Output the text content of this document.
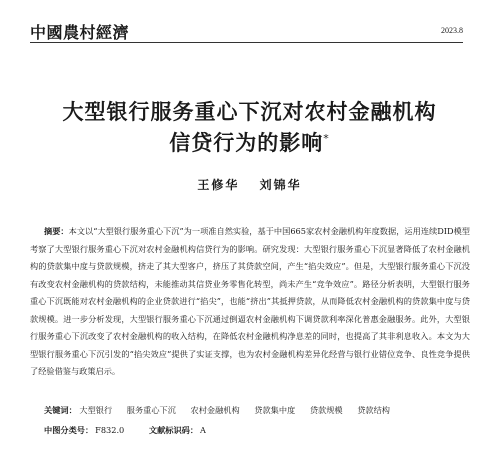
中國農村經濟	2023.8
大型银行服务重心下沉对农村金融机构
信贷行为的影响*
王修华 刘锦华

摘要：本文以“大型银行服务重心下沉”为一项准自然实验，基于中国665家农村金融机构年度数据，运用连续DID模型考察了大型银行服务重心下沉对农村金融机构信贷行为的影响。研究发现：大型银行服务重心下沉显著降低了农村金融机构的贷款集中度与贷款规模，挤走了其大型客户，挤压了其贷款空间，产生“掐尖效应”。但是，大型银行服务重心下沉没有改变农村金融机构的贷款结构，未能推动其信贷业务零售化转型，尚未产生“竞争效应”。路径分析表明，大型银行服务重心下沉既能对农村金融机构的企业贷款进行“掐尖”，也能“挤出”其抵押贷款，从而降低农村金融机构的贷款集中度与贷款规模。进一步分析发现，大型银行服务重心下沉通过倒逼农村金融机构下调贷款利率深化普惠金融服务。此外，大型银行服务重心下沉改变了农村金融机构的收入结构，在降低农村金融机构净息差的同时，也提高了其非利息收入。本文为大型银行服务重心下沉引发的“掐尖效应”提供了实证支撑，也为农村金融机构差异化经营与银行业错位竞争、良性竞争提供了经验借鉴与政策启示。

关键词： 大型银行 服务重心下沉 农村金融机构 贷款集中度 贷款规模 贷款结构
中图分类号： F832.0	文献标识码： A
